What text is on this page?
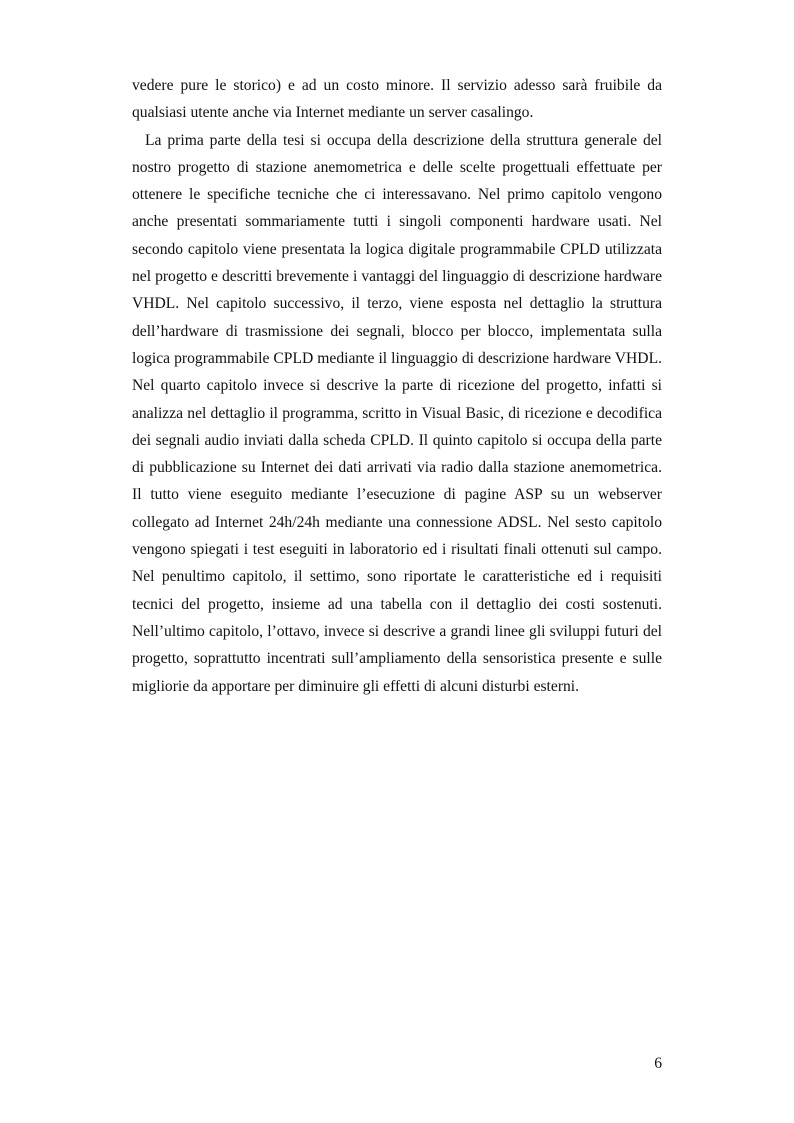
vedere pure le storico) e ad un costo minore. Il servizio adesso sarà fruibile da qualsiasi utente anche via Internet mediante un server casalingo.

La prima parte della tesi si occupa della descrizione della struttura generale del nostro progetto di stazione anemometrica e delle scelte progettuali effettuate per ottenere le specifiche tecniche che ci interessavano. Nel primo capitolo vengono anche presentati sommariamente tutti i singoli componenti hardware usati. Nel secondo capitolo viene presentata la logica digitale programmabile CPLD utilizzata nel progetto e descritti brevemente i vantaggi del linguaggio di descrizione hardware VHDL. Nel capitolo successivo, il terzo, viene esposta nel dettaglio la struttura dell’hardware di trasmissione dei segnali, blocco per blocco, implementata sulla logica programmabile CPLD mediante il linguaggio di descrizione hardware VHDL. Nel quarto capitolo invece si descrive la parte di ricezione del progetto, infatti si analizza nel dettaglio il programma, scritto in Visual Basic, di ricezione e decodifica dei segnali audio inviati dalla scheda CPLD. Il quinto capitolo si occupa della parte di pubblicazione su Internet dei dati arrivati via radio dalla stazione anemometrica. Il tutto viene eseguito mediante l’esecuzione di pagine ASP su un webserver collegato ad Internet 24h/24h mediante una connessione ADSL. Nel sesto capitolo vengono spiegati i test eseguiti in laboratorio ed i risultati finali ottenuti sul campo. Nel penultimo capitolo, il settimo, sono riportate le caratteristiche ed i requisiti tecnici del progetto, insieme ad una tabella con il dettaglio dei costi sostenuti. Nell’ultimo capitolo, l’ottavo, invece si descrive a grandi linee gli sviluppi futuri del progetto, soprattutto incentrati sull’ampliamento della sensoristica presente e sulle migliorie da apportare per diminuire gli effetti di alcuni disturbi esterni.

6
